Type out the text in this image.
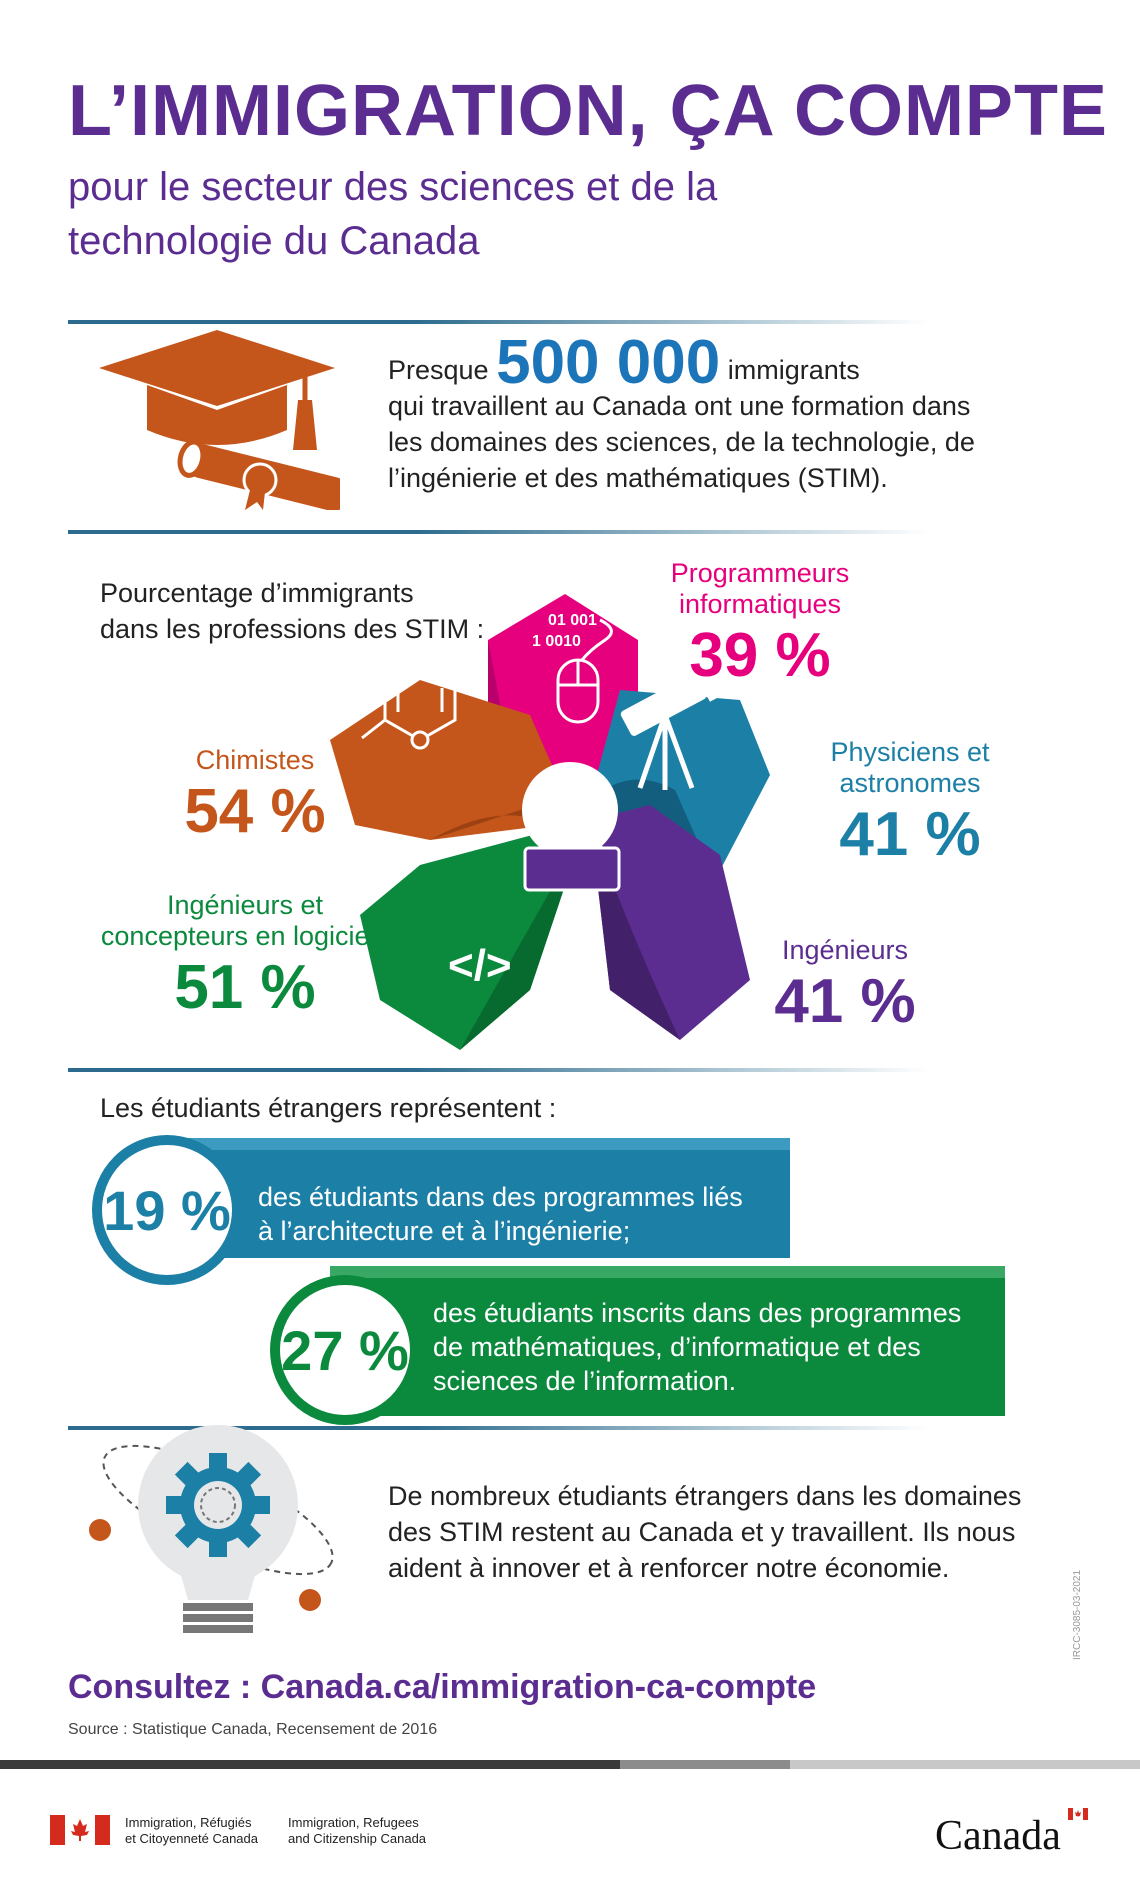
L’IMMIGRATION, ÇA COMPTE
pour le secteur des sciences et de la
technologie du Canada
Presque 500 000 immigrants
qui travaillent au Canada ont une formation dans
les domaines des sciences, de la technologie, de
l’ingénierie et des mathématiques (STIM).
Pourcentage d’immigrants
dans les professions des STIM :	01 001
1 0010
</>
N
Programmeurs
informatiques
39 %
Physiciens et
astronomes
41 %
Ingénieurs
41 %
Ingénieurs et
concepteurs en logiciels
51 %
Chimistes
54 %
Les étudiants étrangers représentent :
des étudiants dans des programmes liés
à l’architecture et à l’ingénierie;
19 %
des étudiants inscrits dans des programmes
de mathématiques, d’informatique et des
sciences de l’information.
27 %
De nombreux étudiants étrangers dans les domaines
des STIM restent au Canada et y travaillent. Ils nous
aident à innover et à renforcer notre économie.
Consultez : Canada.ca/immigration-ca-compte
Source : Statistique Canada, Recensement de 2016
IRCC-3085-03-2021
Immigration, Réfugiés
et Citoyenneté Canada
Immigration, Refugees
and Citizenship Canada	Canada
